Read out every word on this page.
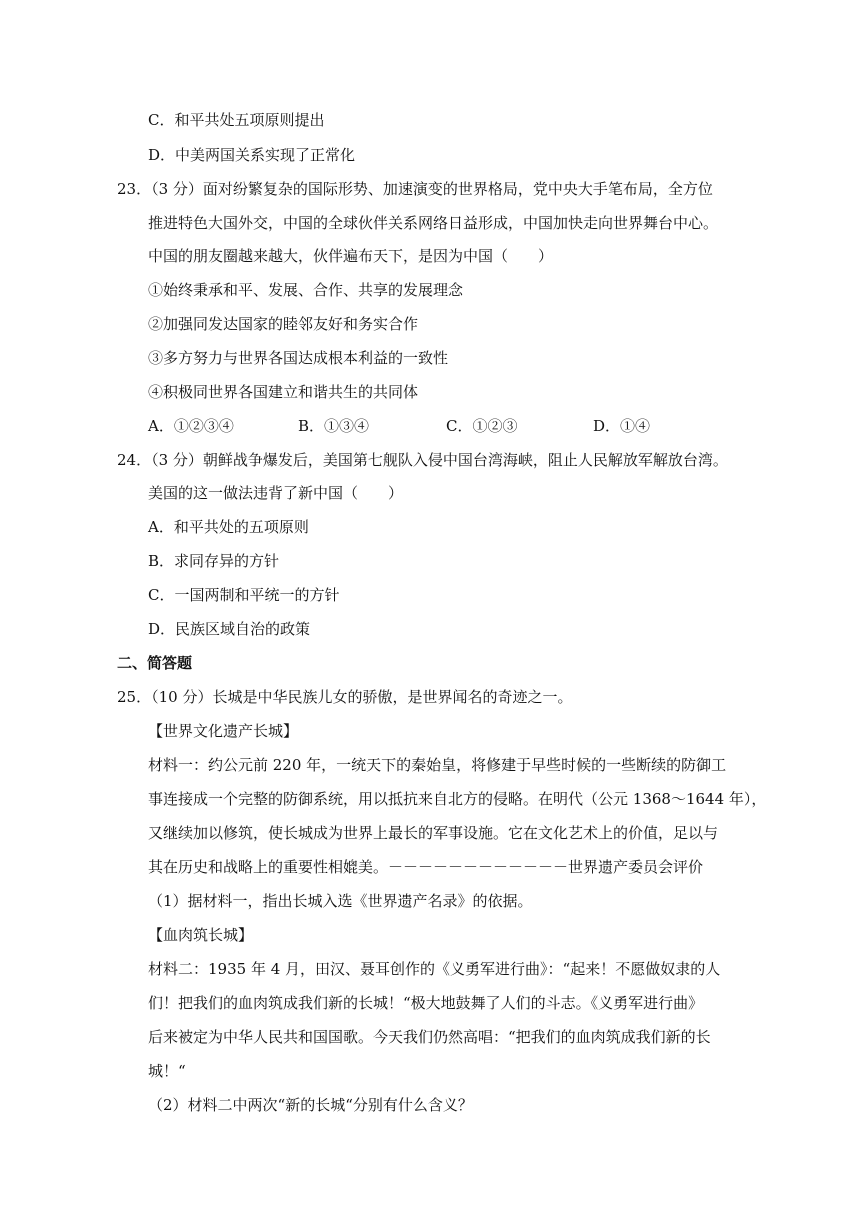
C．和平共处五项原则提出
D．中美两国关系实现了正常化
23．（3 分）面对纷繁复杂的国际形势、加速演变的世界格局，党中央大手笔布局，全方位
推进特色大国外交，中国的全球伙伴关系网络日益形成，中国加快走向世界舞台中心。
中国的朋友圈越来越大，伙伴遍布天下，是因为中国（　　）
①始终秉承和平、发展、合作、共享的发展理念
②加强同发达国家的睦邻友好和务实合作
③多方努力与世界各国达成根本利益的一致性
④积极同世界各国建立和谐共生的共同体
A．①②③④	B．①③④	C．①②③	D．①④
24．（3 分）朝鲜战争爆发后，美国第七舰队入侵中国台湾海峡，阻止人民解放军解放台湾。
美国的这一做法违背了新中国（　　）
A．和平共处的五项原则
B．求同存异的方针
C．一国两制和平统一的方针
D．民族区域自治的政策
二、简答题
25．（10 分）长城是中华民族儿女的骄傲，是世界闻名的奇迹之一。
【世界文化遗产长城】
材料一：约公元前 220 年，一统天下的秦始皇，将修建于早些时候的一些断续的防御工
事连接成一个完整的防御系统，用以抵抗来自北方的侵略。在明代（公元 1368～1644 年），
又继续加以修筑，使长城成为世界上最长的军事设施。它在文化艺术上的价值，足以与
其在历史和战略上的重要性相媲美。－－－－－－－－－－－－世界遗产委员会评价
（1）据材料一，指出长城入选《世界遗产名录》的依据。
【血肉筑长城】
材料二：1935 年 4 月，田汉、聂耳创作的《义勇军进行曲》：“起来！不愿做奴隶的人
们！把我们的血肉筑成我们新的长城！“极大地鼓舞了人们的斗志。《义勇军进行曲》
后来被定为中华人民共和国国歌。今天我们仍然高唱：“把我们的血肉筑成我们新的长
城！“
（2）材料二中两次“新的长城“分别有什么含义？
